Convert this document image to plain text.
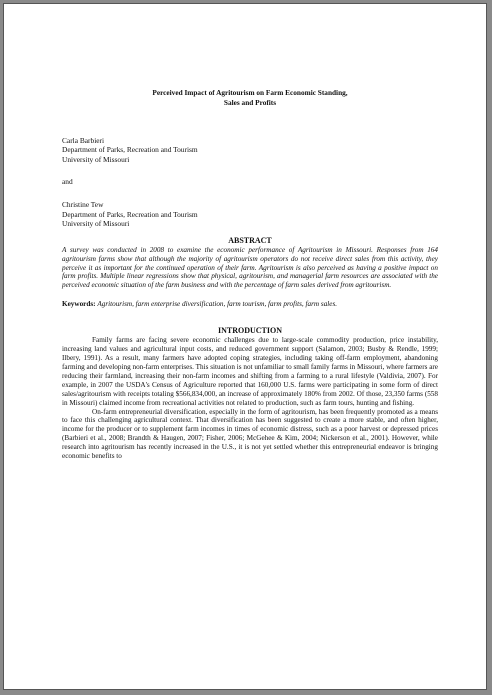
Perceived Impact of Agritourism on Farm Economic Standing,
Sales and Profits
Carla Barbieri
Department of Parks, Recreation and Tourism
University of Missouri
and
Christine Tew
Department of Parks, Recreation and Tourism
University of Missouri
ABSTRACT

A survey was conducted in 2008 to examine the economic performance of Agritourism in Missouri. Responses from 164 agritourism farms show that although the majority of agritourism operators do not receive direct sales from this activity, they perceive it as important for the continued operation of their farm. Agritourism is also perceived as having a positive impact on farm profits. Multiple linear regressions show that physical, agritourism, and managerial farm resources are associated with the perceived economic situation of the farm business and with the percentage of farm sales derived from agritourism.

Keywords: Agritourism, farm enterprise diversification, farm tourism, farm profits, farm sales.
INTRODUCTION

Family farms are facing severe economic challenges due to large-scale commodity production, price instability, increasing land values and agricultural input costs, and reduced government support (Salamon, 2003; Busby & Rendle, 1999; Ilbery, 1991). As a result, many farmers have adopted coping strategies, including taking off-farm employment, abandoning farming and developing non-farm enterprises. This situation is not unfamiliar to small family farms in Missouri, where farmers are reducing their farmland, increasing their non-farm incomes and shifting from a farming to a rural lifestyle (Valdivia, 2007). For example, in 2007 the USDA's Census of Agriculture reported that 160,000 U.S. farms were participating in some form of direct sales/agritourism with receipts totaling $566,834,000, an increase of approximately 180% from 2002. Of those, 23,350 farms (558 in Missouri) claimed income from recreational activities not related to production, such as farm tours, hunting and fishing.

On-farm entrepreneurial diversification, especially in the form of agritourism, has been frequently promoted as a means to face this challenging agricultural context. That diversification has been suggested to create a more stable, and often higher, income for the producer or to supplement farm incomes in times of economic distress, such as a poor harvest or depressed prices (Barbieri et al., 2008; Brandth & Haugen, 2007; Fisher, 2006; McGehee & Kim, 2004; Nickerson et al., 2001). However, while research into agritourism has recently increased in the U.S., it is not yet settled whether this entrepreneurial endeavor is bringing economic benefits to
